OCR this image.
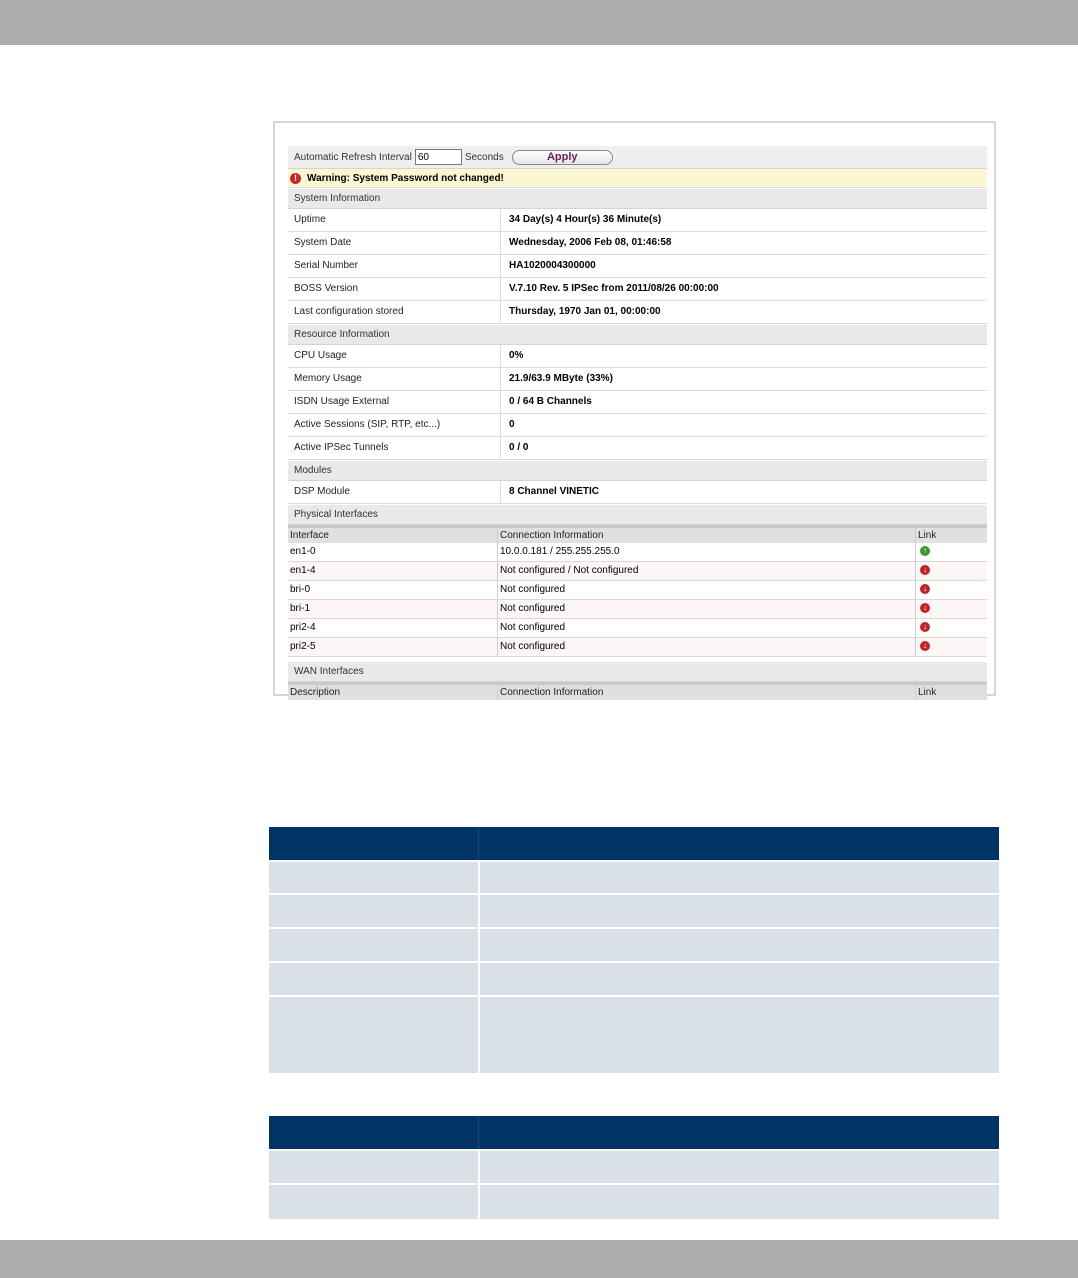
Automatic Refresh Interval
60	Seconds	Apply
!	Warning: System Password not changed!
System Information
Uptime	34 Day(s) 4 Hour(s) 36 Minute(s)
System Date	Wednesday, 2006 Feb 08, 01:46:58
Serial Number	HA1020004300000
BOSS Version	V.7.10 Rev. 5 IPSec from 2011/08/26 00:00:00
Last configuration stored	Thursday, 1970 Jan 01, 00:00:00
Resource Information
CPU Usage	0%
Memory Usage	21.9/63.9 MByte (33%)
ISDN Usage External	0 / 64 B Channels
Active Sessions (SIP, RTP, etc...)	0
Active IPSec Tunnels	0 / 0
Modules
DSP Module	8 Channel VINETIC
Physical Interfaces
Interface	Connection Information	Link
en1-0	10.0.0.181 / 255.255.255.0	↑
en1-4	Not configured / Not configured	↓
bri-0	Not configured	↓
bri-1	Not configured	↓
pri2-4	Not configured	↓
pri2-5	Not configured	↓
WAN Interfaces
Description	Connection Information	Link
